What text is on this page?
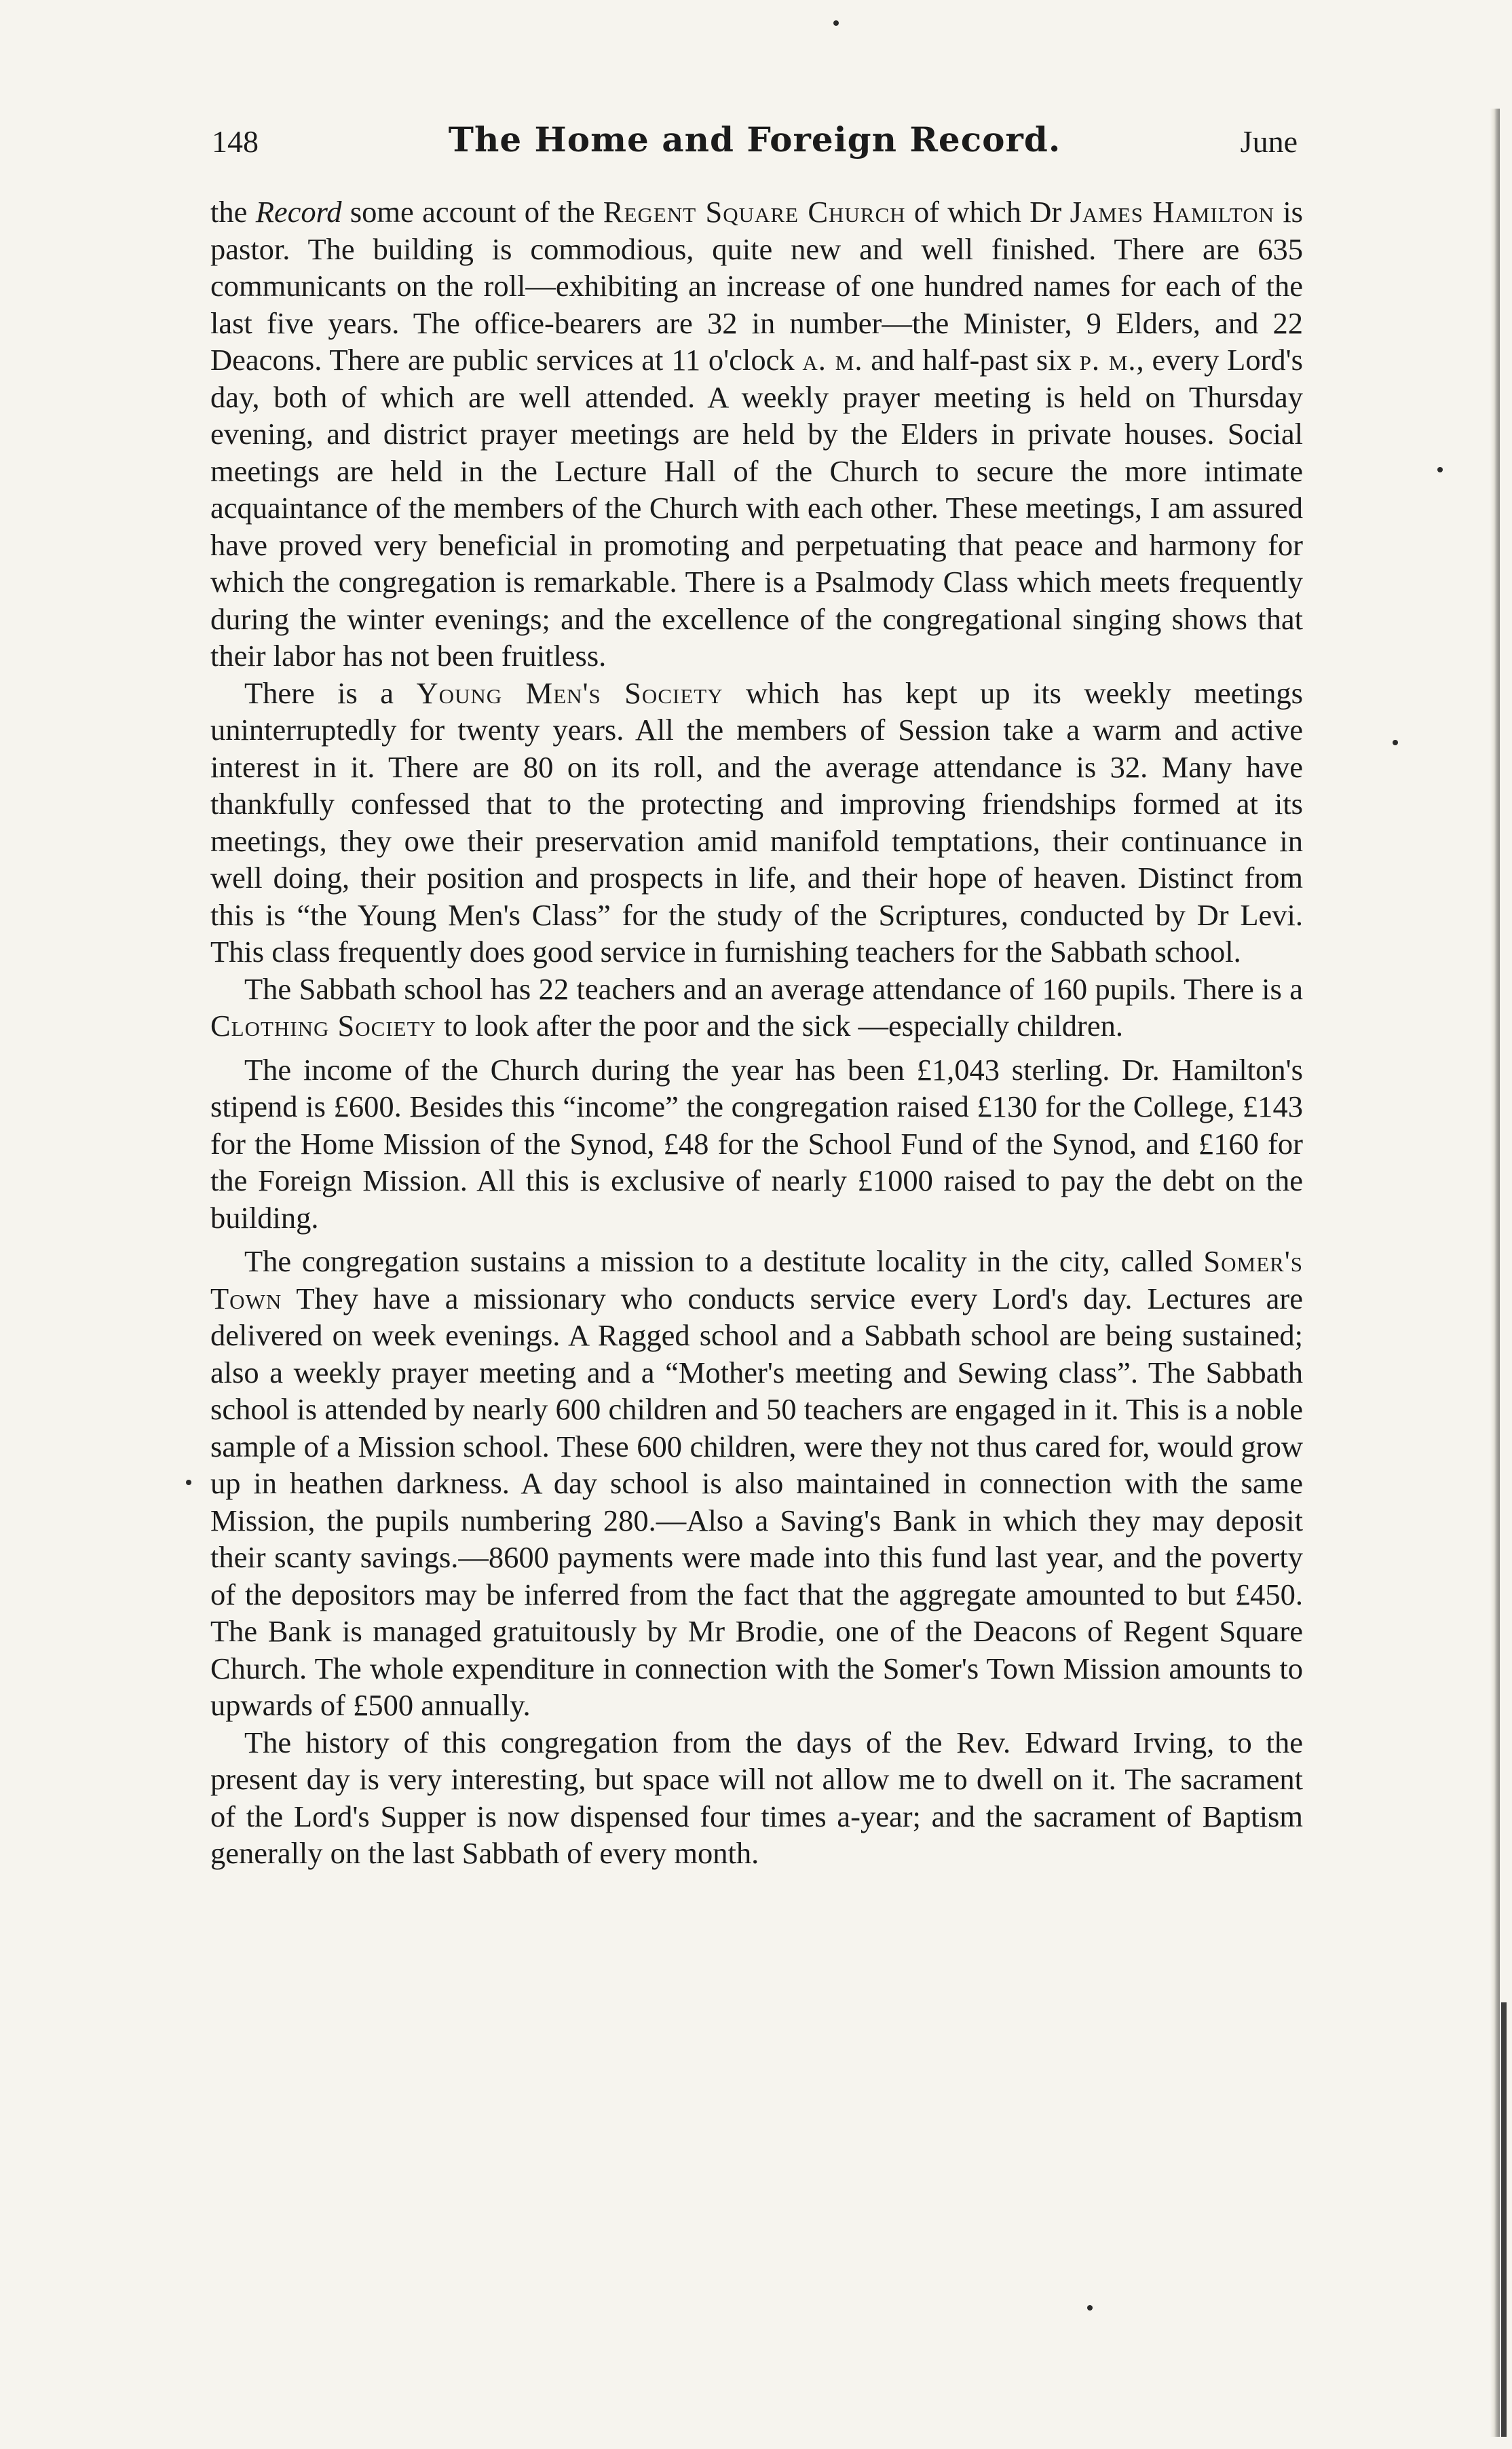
148	The Home and Foreign Record.	June

the Record some account of the Regent Square Church of which Dr James Hamilton is pastor. The building is commodious, quite new and well finished. There are 635 communicants on the roll—exhibiting an increase of one hundred names for each of the last five years. The office-bearers are 32 in number—the Minister, 9 Elders, and 22 Deacons. There are public services at 11 o'clock a. m. and half-past six p. m., every Lord's day, both of which are well attended. A weekly prayer meeting is held on Thursday evening, and district prayer meetings are held by the Elders in private houses. Social meetings are held in the Lecture Hall of the Church to secure the more intimate acquaintance of the members of the Church with each other. These meetings, I am assured have proved very beneficial in promoting and perpetuating that peace and harmony for which the congregation is remarkable. There is a Psalmody Class which meets frequently during the winter evenings; and the excellence of the congregational singing shows that their labor has not been fruitless.

There is a Young Men's Society which has kept up its weekly meetings uninterruptedly for twenty years. All the members of Session take a warm and active interest in it. There are 80 on its roll, and the average attendance is 32. Many have thankfully confessed that to the protecting and improving friendships formed at its meetings, they owe their preservation amid manifold temptations, their continuance in well doing, their position and prospects in life, and their hope of heaven. Distinct from this is “the Young Men's Class” for the study of the Scriptures, conducted by Dr Levi. This class frequently does good service in furnishing teachers for the Sabbath school.

The Sabbath school has 22 teachers and an average attendance of 160 pupils. There is a Clothing Society to look after the poor and the sick —especially children.

The income of the Church during the year has been £1,043 sterling. Dr. Hamilton's stipend is £600. Besides this “income” the congregation raised £130 for the College, £143 for the Home Mission of the Synod, £48 for the School Fund of the Synod, and £160 for the Foreign Mission. All this is exclusive of nearly £1000 raised to pay the debt on the building.

The congregation sustains a mission to a destitute locality in the city, called Somer's Town They have a missionary who conducts service every Lord's day. Lectures are delivered on week evenings. A Ragged school and a Sabbath school are being sustained; also a weekly prayer meeting and a “Mother's meeting and Sewing class”. The Sabbath school is attended by nearly 600 children and 50 teachers are engaged in it. This is a noble sample of a Mission school. These 600 children, were they not thus cared for, would grow up in heathen darkness. A day school is also maintained in connection with the same Mission, the pupils numbering 280.—Also a Saving's Bank in which they may deposit their scanty savings.—8600 payments were made into this fund last year, and the poverty of the depositors may be inferred from the fact that the aggregate amounted to but £450. The Bank is managed gratuitously by Mr Brodie, one of the Deacons of Regent Square Church. The whole expenditure in connection with the Somer's Town Mission amounts to upwards of £500 annually.

The history of this congregation from the days of the Rev. Edward Irving, to the present day is very interesting, but space will not allow me to dwell on it. The sacrament of the Lord's Supper is now dispensed four times a-year; and the sacrament of Baptism generally on the last Sabbath of every month.
